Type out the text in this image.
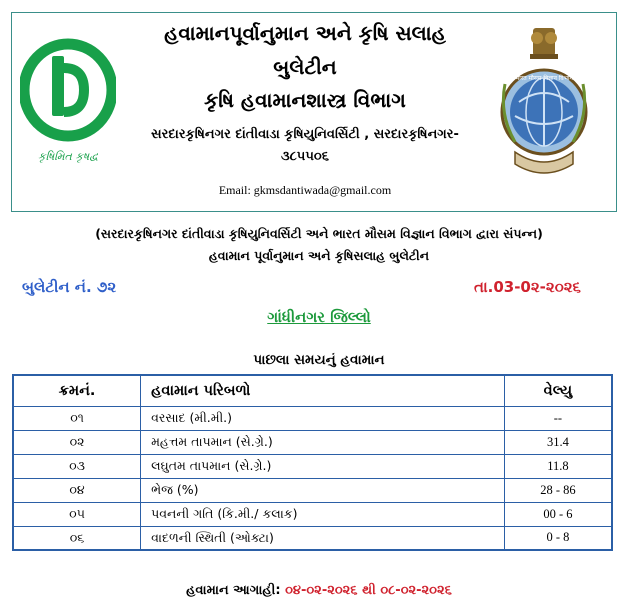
કૃષિમિત કૃષદ્વ
भारत मौसम विज्ञान विभाग
હવામાનપૂર્વાનુમાન અને કૃષિ સલાહ
બુલેટીન
કૃષિ હવામાનશાસ્ત્ર વિભાગ
સરદારકૃષિનગર દાંતીવાડા કૃષિયુનિવર્સિટી , સરદારકૃષિનગર-
૩૮૫૫૦૬
Email: gkmsdantiwada@gmail.com
(સરદારકૃષિનગર દાંતીવાડા કૃષિયુનિવર્સિટી અને ભારત મૌસમ વિજ્ઞાન વિભાગ દ્વારા સંપન્ન)
હવામાન પૂર્વાનુમાન અને કૃષિસલાહ બુલેટીન
બુલેટીન નં. ૭૨	તા.03-0૨-૨૦૨૬
ગાંધીનગર જિલ્લો
પાછલા સમયનું હવામાન
ક્રમનં.	હવામાન પરિબળો	વેલ્યુ
૦૧	વરસાદ (મી.મી.)	--
૦૨	મહત્તમ તાપમાન (સે.ગ્રે.)	31.4
૦૩	લઘુતમ તાપમાન (સે.ગ્રે.)	11.8
૦૪	ભેજ (%)	28 - 86
૦૫	પવનની ગતિ (કિ.મી./ કલાક)	00 - 6
૦૬	વાદળની સ્થિતી (ઓક્ટા)	0 - 8
હવામાન આગાહી: ૦૪-૦૨-૨૦૨૬ થી ૦૮-૦૨-૨૦૨૬
